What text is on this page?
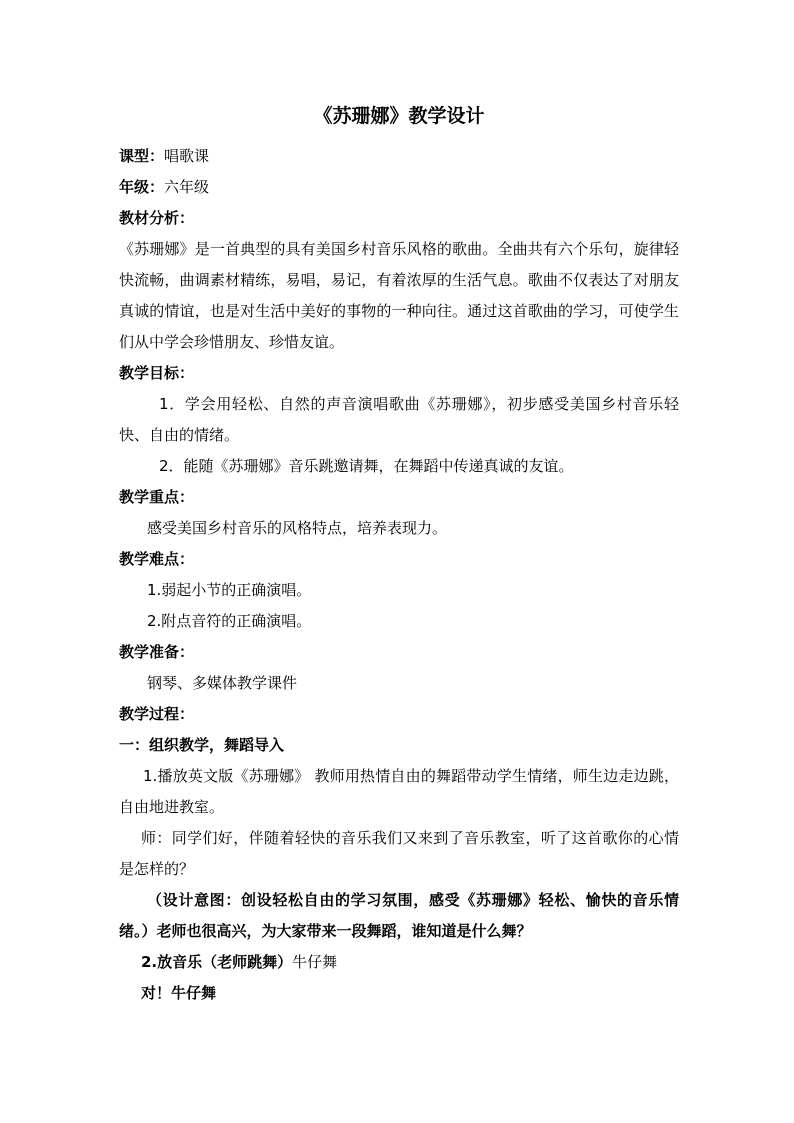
《苏珊娜》教学设计
课型：唱歌课
年级：六年级
教材分析：

《苏珊娜》是一首典型的具有美国乡村音乐风格的歌曲。全曲共有六个乐句，旋律轻快流畅，曲调素材精练，易唱，易记，有着浓厚的生活气息。歌曲不仅表达了对朋友真诚的情谊，也是对生活中美好的事物的一种向往。通过这首歌曲的学习，可使学生们从中学会珍惜朋友、珍惜友谊。

教学目标：

1．学会用轻松、自然的声音演唱歌曲《苏珊娜》，初步感受美国乡村音乐轻快、自由的情绪。

2．能随《苏珊娜》音乐跳邀请舞，在舞蹈中传递真诚的友谊。

教学重点：
感受美国乡村音乐的风格特点，培养表现力。
教学难点：
1.弱起小节的正确演唱。
2.附点音符的正确演唱。
教学准备：
钢琴、多媒体教学课件
教学过程：
一：组织教学，舞蹈导入

1.播放英文版《苏珊娜》 教师用热情自由的舞蹈带动学生情绪，师生边走边跳，自由地进教室。

师：同学们好，伴随着轻快的音乐我们又来到了音乐教室，听了这首歌你的心情是怎样的？

（设计意图：创设轻松自由的学习氛围，感受《苏珊娜》轻松、愉快的音乐情绪。）老师也很高兴，为大家带来一段舞蹈，谁知道是什么舞？

2.放音乐（老师跳舞）牛仔舞
对！牛仔舞
